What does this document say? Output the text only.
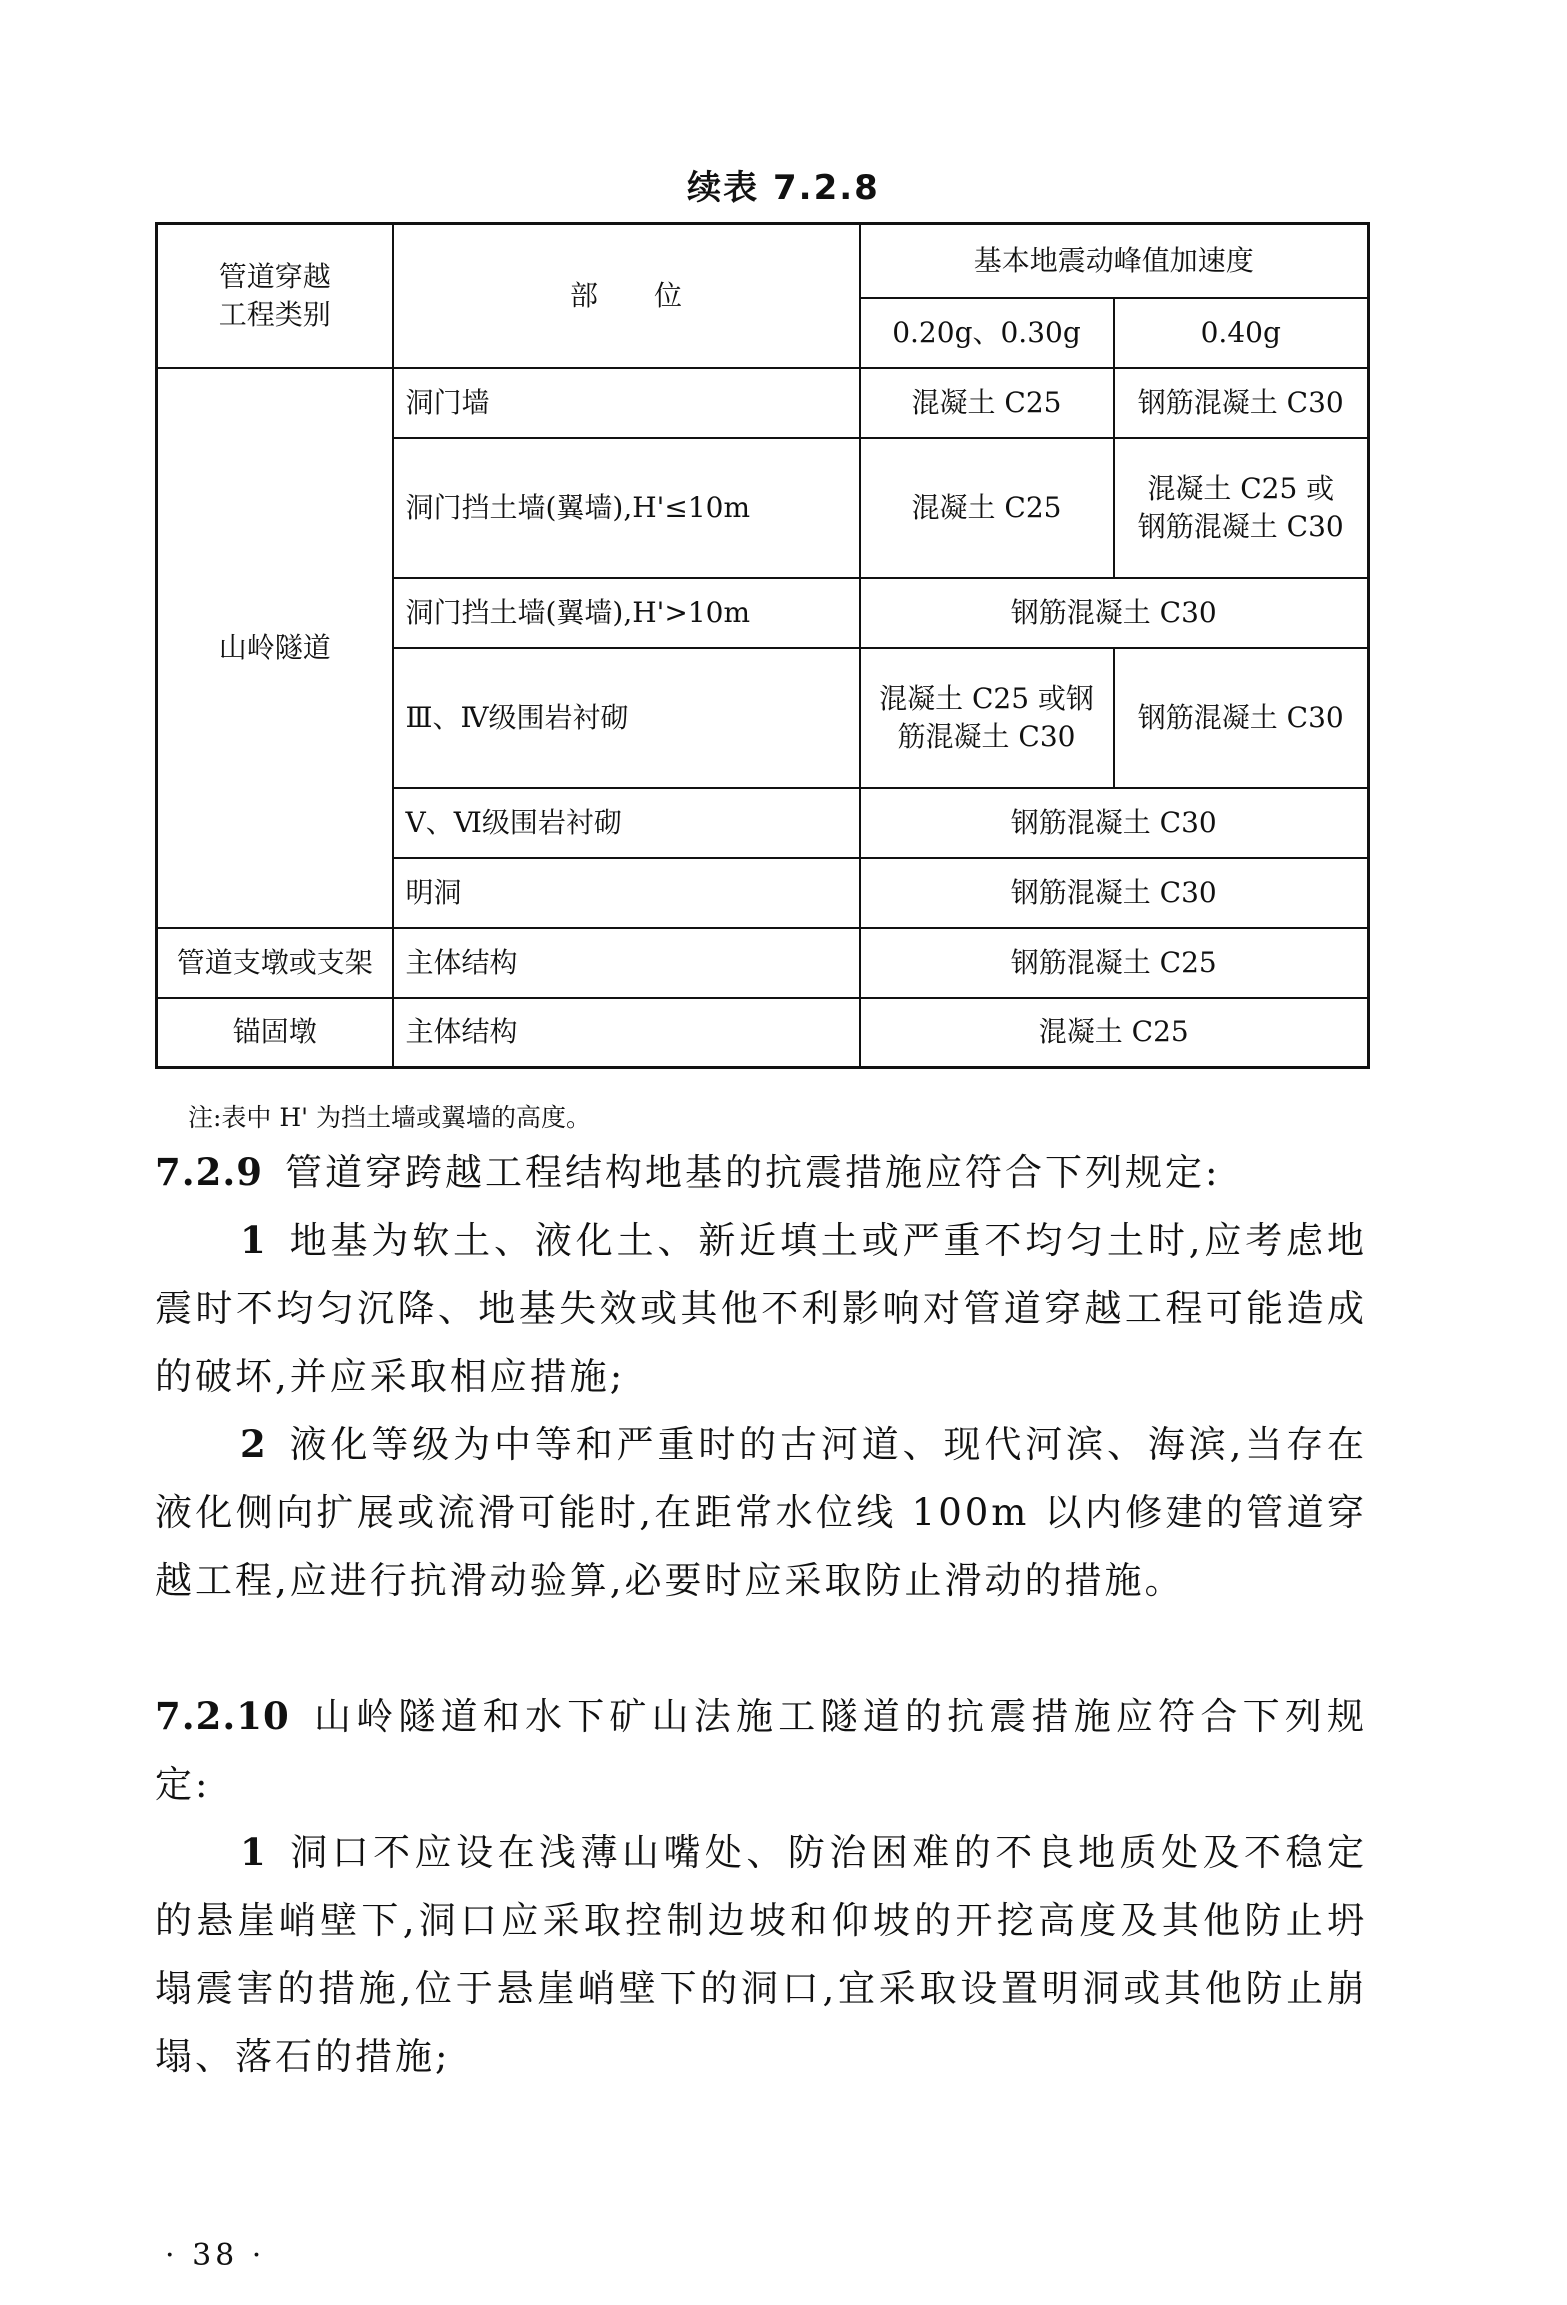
续表 7.2.8
管道穿越
工程类别	部　　位	基本地震动峰值加速度	
		0.20g、0.30g	0.40g
山岭隧道	洞门墙	混凝土 C25	钢筋混凝土 C30
	洞门挡土墙(翼墙),H'≤10m	混凝土 C25	混凝土 C25 或
钢筋混凝土 C30
	洞门挡土墙(翼墙),H'>10m	钢筋混凝土 C30	
	Ⅲ、Ⅳ级围岩衬砌	混凝土 C25 或钢
筋混凝土 C30	钢筋混凝土 C30
	Ⅴ、Ⅵ级围岩衬砌	钢筋混凝土 C30	
	明洞	钢筋混凝土 C30	
管道支墩或支架	主体结构	钢筋混凝土 C25	
锚固墩	主体结构	混凝土 C25	
注:表中 H' 为挡土墙或翼墙的高度。
7.2.9 管道穿跨越工程结构地基的抗震措施应符合下列规定:
1 地基为软土、液化土、新近填土或严重不均匀土时,应考虑地震时不均匀沉降、地基失效或其他不利影响对管道穿越工程可能造成的破坏,并应采取相应措施;
2 液化等级为中等和严重时的古河道、现代河滨、海滨,当存在液化侧向扩展或流滑可能时,在距常水位线 100m 以内修建的管道穿越工程,应进行抗滑动验算,必要时应采取防止滑动的措施。
7.2.10 山岭隧道和水下矿山法施工隧道的抗震措施应符合下列规定:
1 洞口不应设在浅薄山嘴处、防治困难的不良地质处及不稳定的悬崖峭壁下,洞口应采取控制边坡和仰坡的开挖高度及其他防止坍塌震害的措施,位于悬崖峭壁下的洞口,宜采取设置明洞或其他防止崩塌、落石的措施;
· 38 ·
